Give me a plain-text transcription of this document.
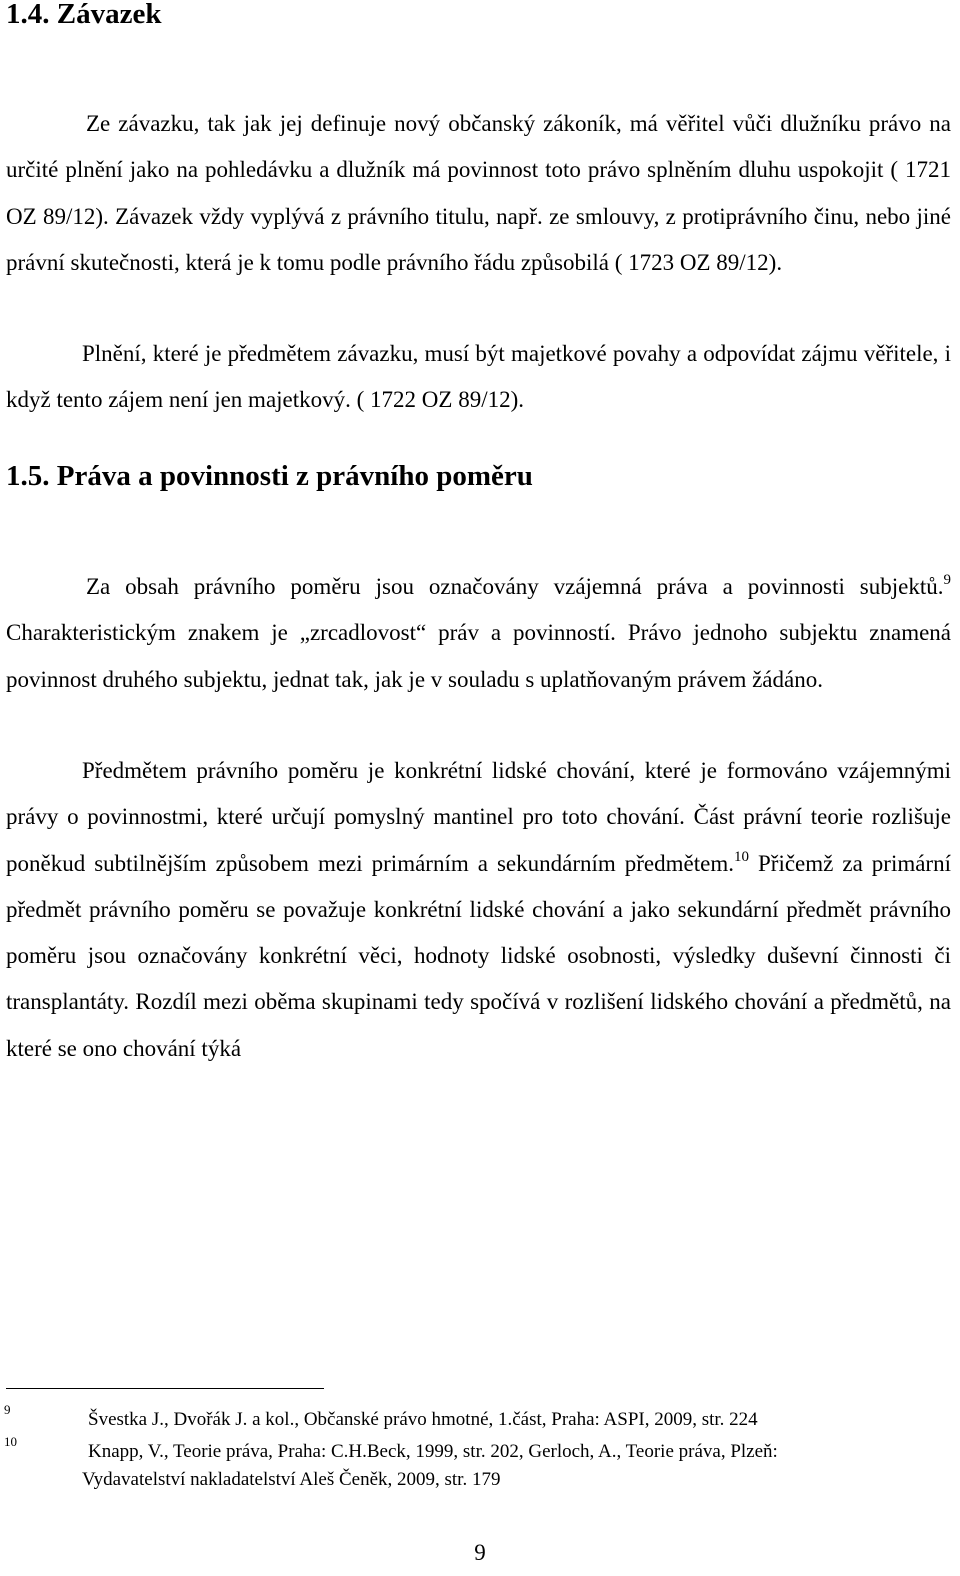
1.4. Závazek

Ze závazku, tak jak jej definuje nový občanský zákoník, má věřitel vůči dlužníku právo na určité plnění jako na pohledávku a dlužník má povinnost toto právo splněním dluhu uspokojit ( 1721 OZ 89/12). Závazek vždy vyplývá z právního titulu, např. ze smlouvy, z protiprávního činu, nebo jiné právní skutečnosti, která je k tomu podle právního řádu způsobilá ( 1723 OZ 89/12).

Plnění, které je předmětem závazku, musí být majetkové povahy a odpovídat zájmu věřitele, i když tento zájem není jen majetkový. ( 1722 OZ 89/12).

1.5. Práva a povinnosti z právního poměru

Za obsah právního poměru jsou označovány vzájemná práva a povinnosti subjektů.$^9$ Charakteristickým znakem je „zrcadlovost“ práv a povinností. Právo jednoho subjektu znamená povinnost druhého subjektu, jednat tak, jak je v souladu s uplatňovaným právem žádáno.

Předmětem právního poměru je konkrétní lidské chování, které je formováno vzájemnými právy o povinnostmi, které určují pomyslný mantinel pro toto chování. Část právní teorie rozlišuje poněkud subtilnějším způsobem mezi primárním a sekundárním předmětem.$^{10}$ Přičemž za primární předmět právního poměru se považuje konkrétní lidské chování a jako sekundární předmět právního poměru jsou označovány konkrétní věci, hodnoty lidské osobnosti, výsledky duševní činnosti či transplantáty. Rozdíl mezi oběma skupinami tedy spočívá v rozlišení lidského chování a předmětů, na které se ono chování týká

9	Švestka J., Dvořák J. a kol., Občanské právo hmotné, 1.část, Praha: ASPI, 2009, str. 224
10	Knapp, V., Teorie práva, Praha: C.H.Beck, 1999, str. 202, Gerloch, A., Teorie práva, Plzeň:
Vydavatelství nakladatelství Aleš Čeněk, 2009, str. 179
9
